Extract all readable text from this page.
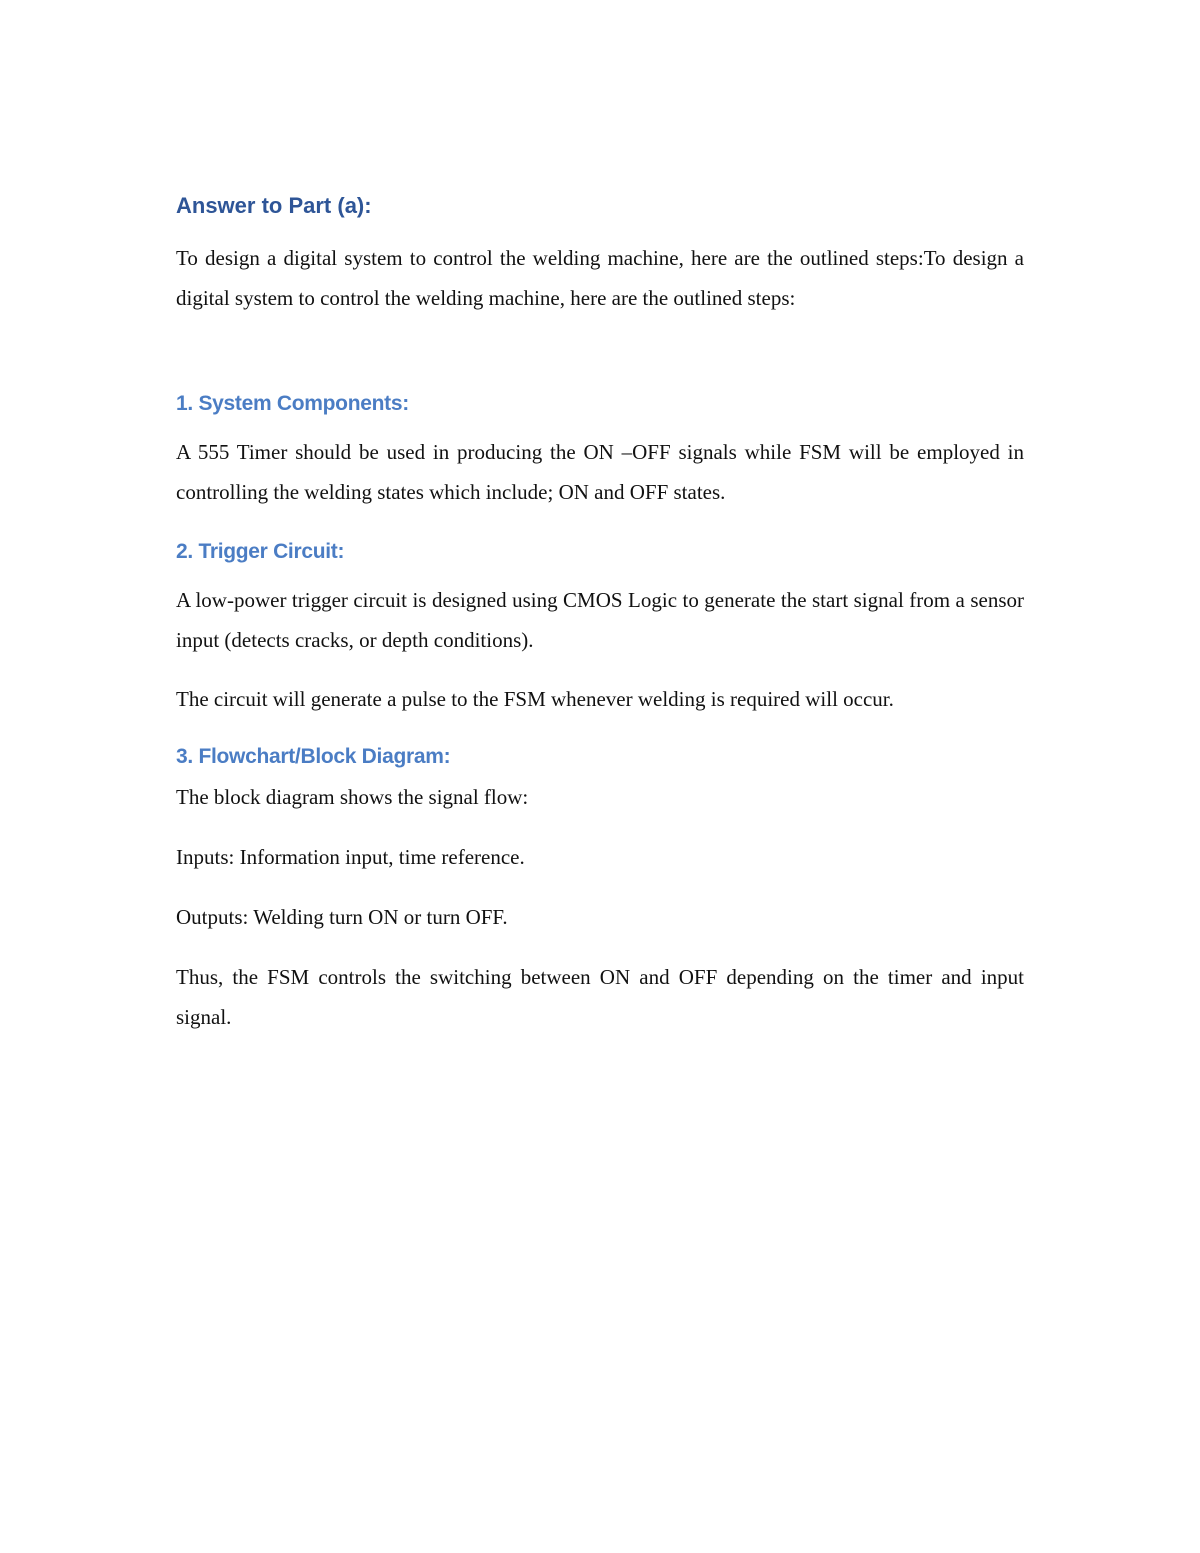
Answer to Part (a):

To design a digital system to control the welding machine, here are the outlined steps:To design a digital system to control the welding machine, here are the outlined steps:

1. System Components:

A 555 Timer should be used in producing the ON –OFF signals while FSM will be employed in controlling the welding states which include; ON and OFF states.

2. Trigger Circuit:

A low-power trigger circuit is designed using CMOS Logic to generate the start signal from a sensor input (detects cracks, or depth conditions).

The circuit will generate a pulse to the FSM whenever welding is required will occur.

3. Flowchart/Block Diagram:

The block diagram shows the signal flow:

Inputs: Information input, time reference.

Outputs: Welding turn ON or turn OFF.

Thus, the FSM controls the switching between ON and OFF depending on the timer and input signal.
